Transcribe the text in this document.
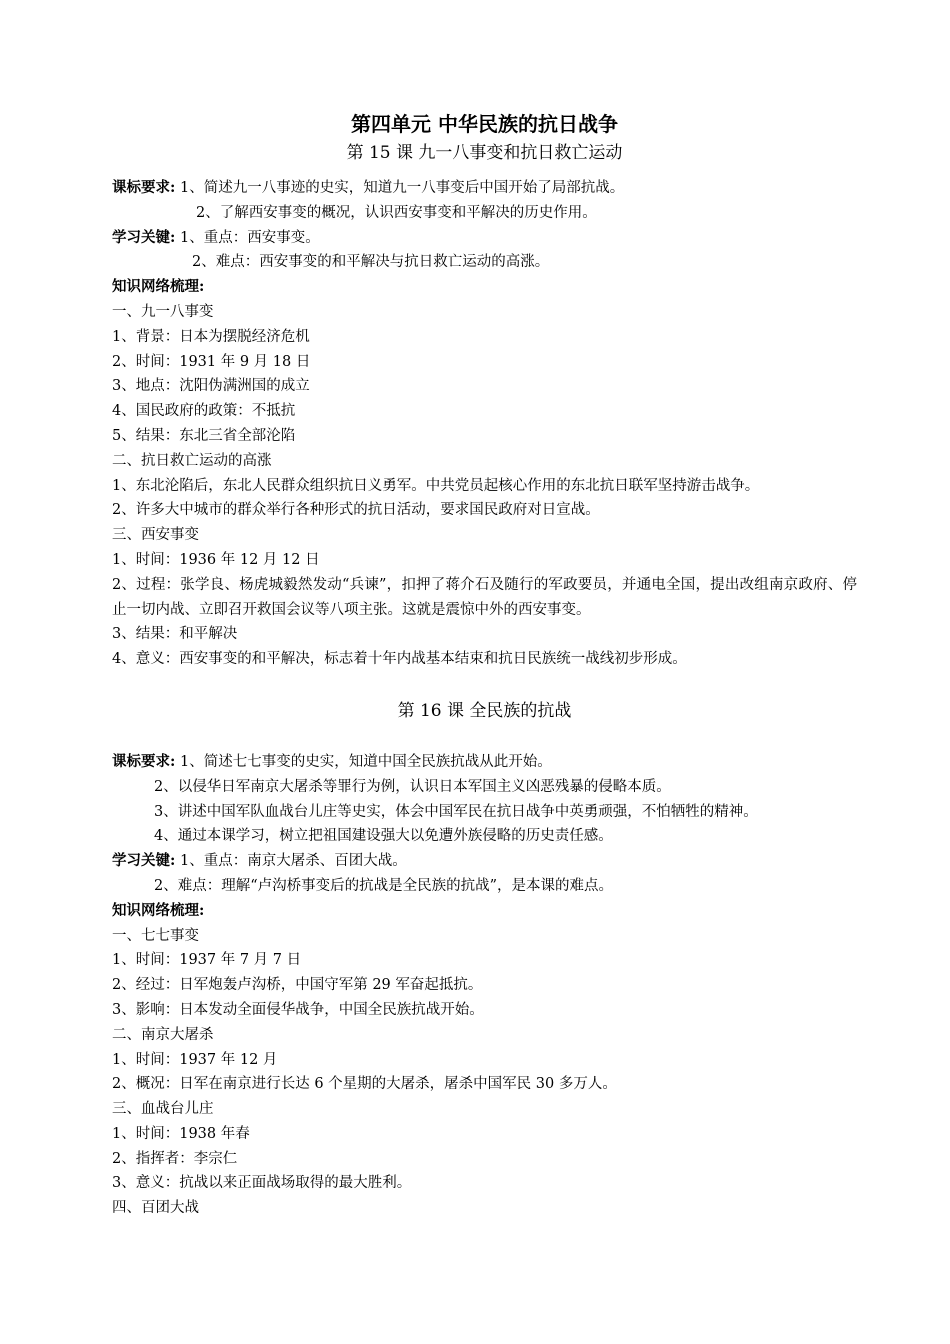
第四单元 中华民族的抗日战争
第 15 课 九一八事变和抗日救亡运动
课标要求: 1、简述九一八事迹的史实，知道九一八事变后中国开始了局部抗战。
2、了解西安事变的概况，认识西安事变和平解决的历史作用。
学习关键: 1、重点：西安事变。
2、难点：西安事变的和平解决与抗日救亡运动的高涨。
知识网络梳理:
一、九一八事变
1、背景：日本为摆脱经济危机
2、时间：1931 年 9 月 18 日
3、地点：沈阳伪满洲国的成立
4、国民政府的政策：不抵抗
5、结果：东北三省全部沦陷
二、抗日救亡运动的高涨
1、东北沦陷后，东北人民群众组织抗日义勇军。中共党员起核心作用的东北抗日联军坚持游击战争。
2、许多大中城市的群众举行各种形式的抗日活动，要求国民政府对日宣战。
三、西安事变
1、时间：1936 年 12 月 12 日
2、过程：张学良、杨虎城毅然发动“兵谏”，扣押了蒋介石及随行的军政要员，并通电全国，提出改组南京政府、停止一切内战、立即召开救国会议等八项主张。这就是震惊中外的西安事变。
3、结果：和平解决
4、意义：西安事变的和平解决，标志着十年内战基本结束和抗日民族统一战线初步形成。
第 16 课 全民族的抗战
课标要求: 1、简述七七事变的史实，知道中国全民族抗战从此开始。
2、以侵华日军南京大屠杀等罪行为例，认识日本军国主义凶恶残暴的侵略本质。
3、讲述中国军队血战台儿庄等史实，体会中国军民在抗日战争中英勇顽强，不怕牺牲的精神。
4、通过本课学习，树立把祖国建设强大以免遭外族侵略的历史责任感。
学习关键: 1、重点：南京大屠杀、百团大战。
2、难点：理解“卢沟桥事变后的抗战是全民族的抗战”，是本课的难点。
知识网络梳理:
一、七七事变
1、时间：1937 年 7 月 7 日
2、经过：日军炮轰卢沟桥，中国守军第 29 军奋起抵抗。
3、影响：日本发动全面侵华战争，中国全民族抗战开始。
二、南京大屠杀
1、时间：1937 年 12 月
2、概况：日军在南京进行长达 6 个星期的大屠杀，屠杀中国军民 30 多万人。
三、血战台儿庄
1、时间：1938 年春
2、指挥者：李宗仁
3、意义：抗战以来正面战场取得的最大胜利。
四、百团大战
